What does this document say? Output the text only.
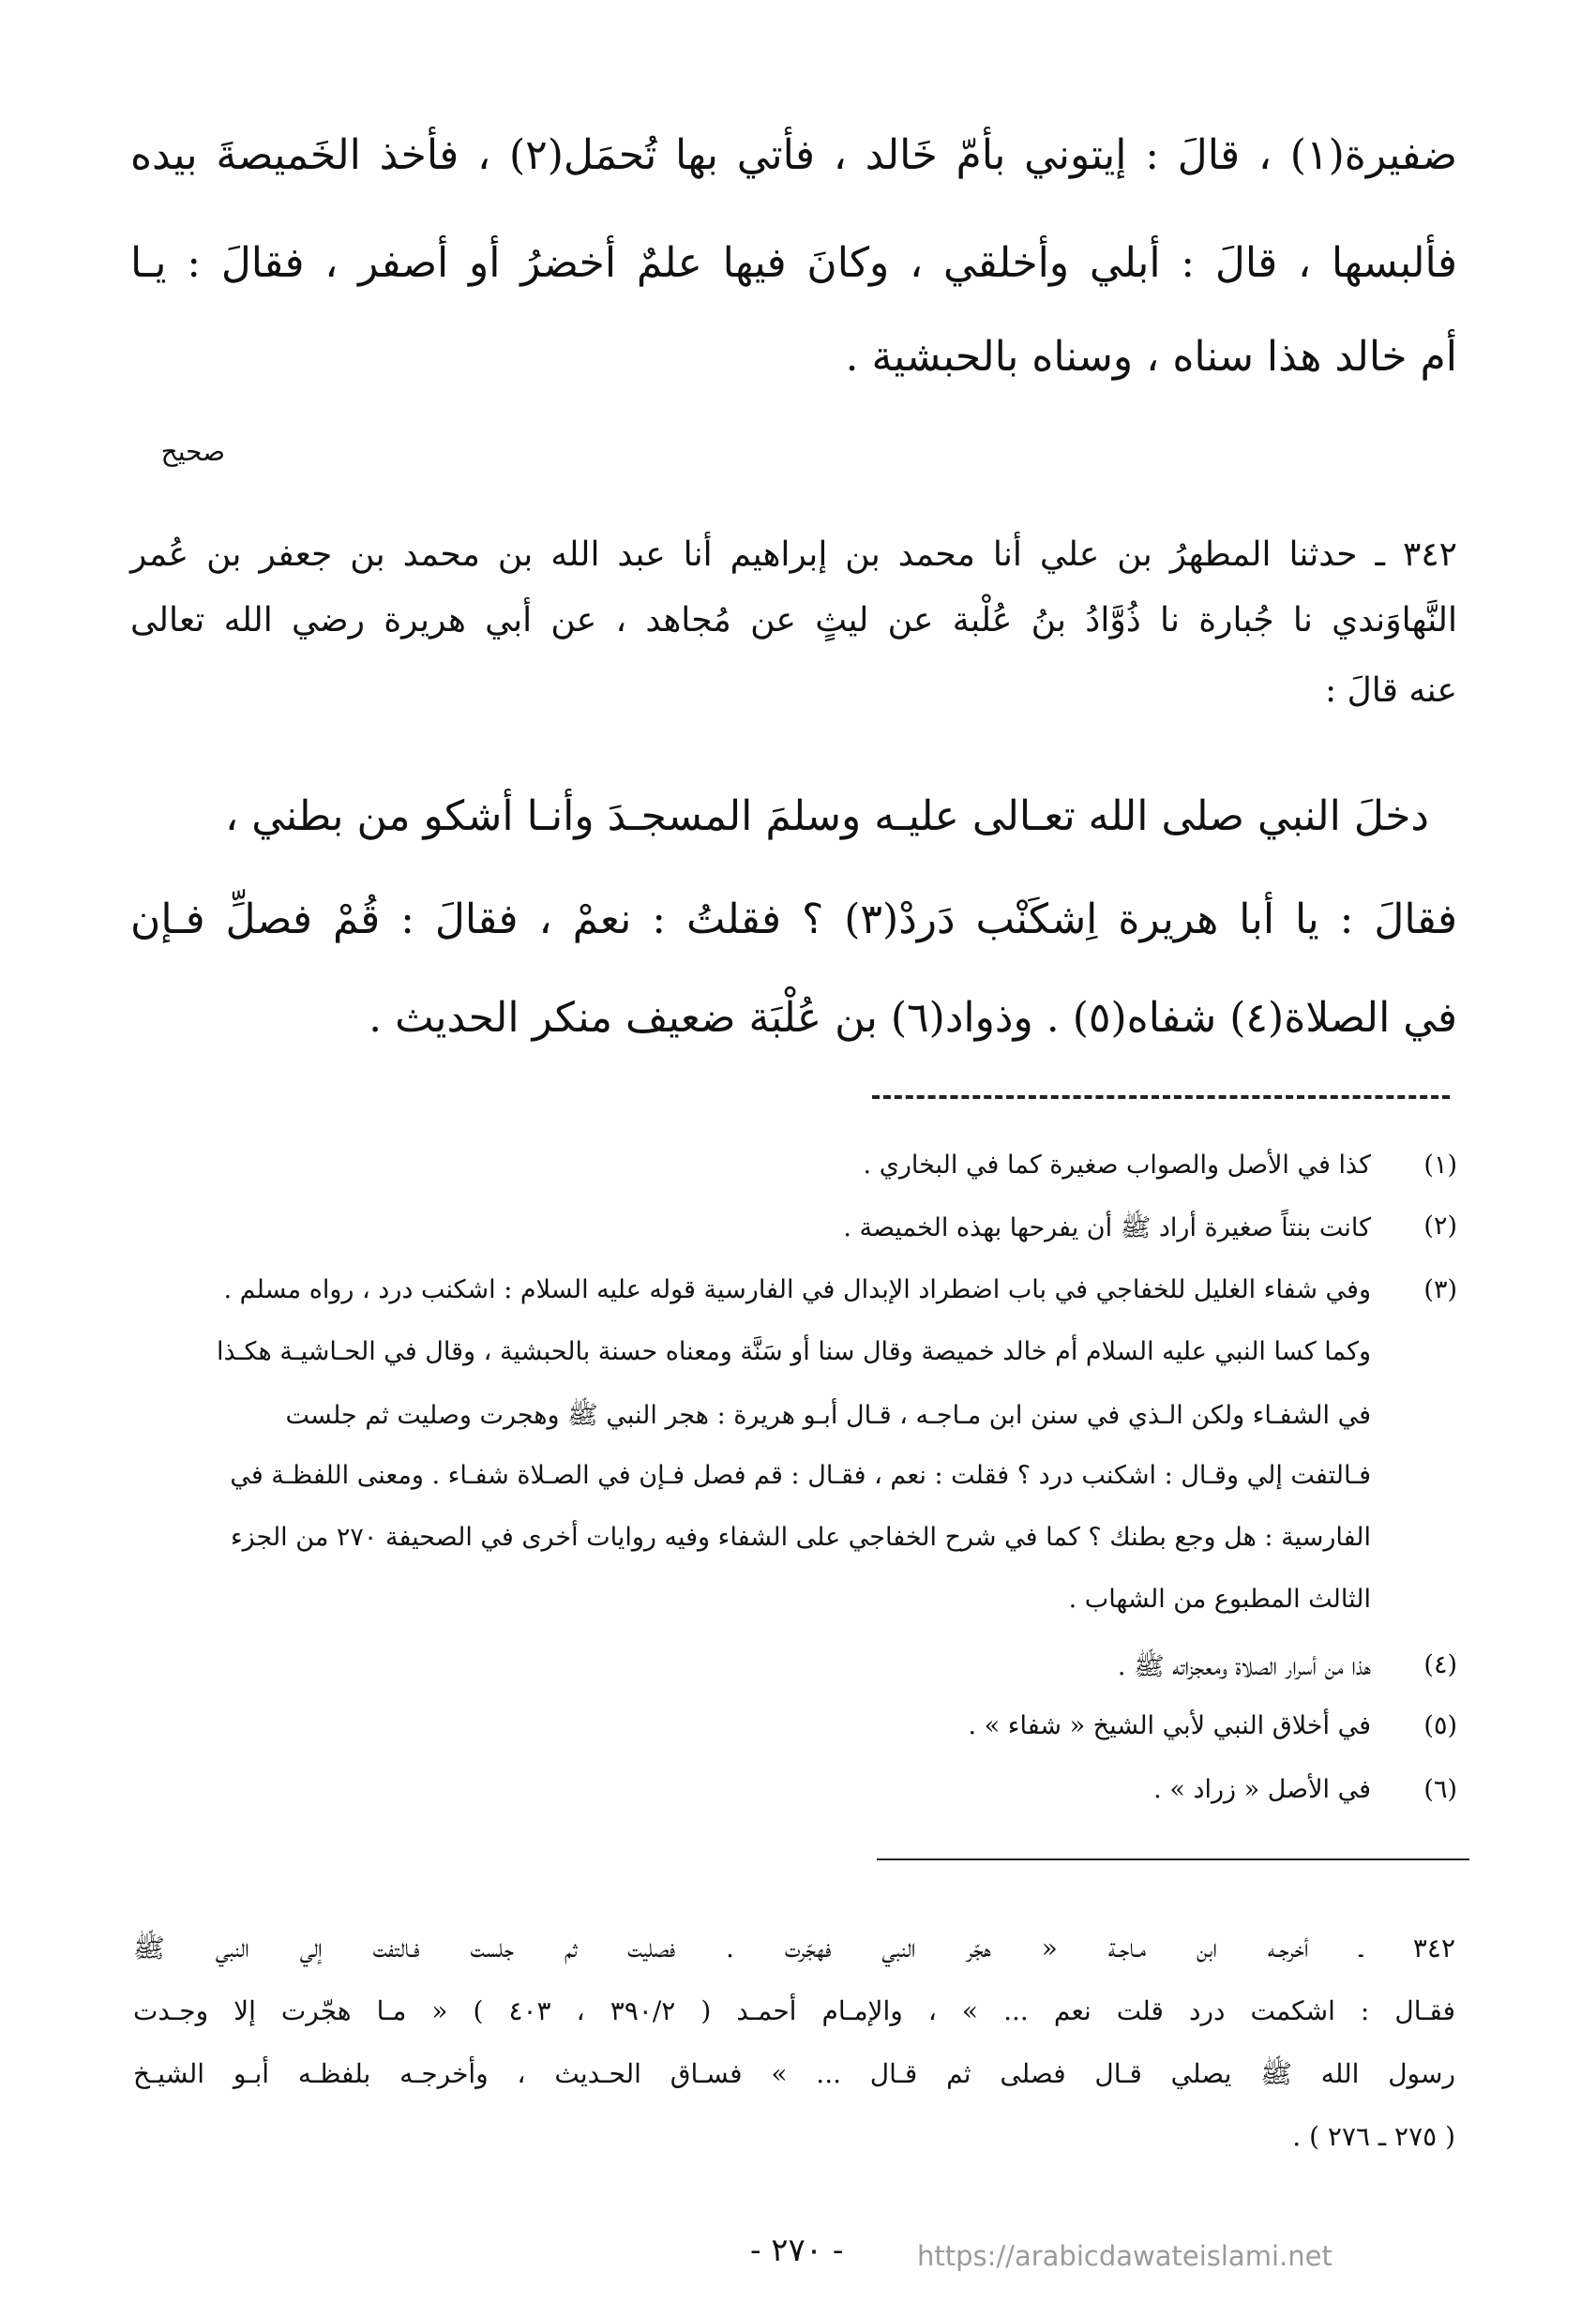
ضفيرة(١) ، قالَ : إيتوني بأمّ خَالد ، فأتي بها تُحمَل(٢) ، فأخذ الخَميصةَ بيده
فألبسها ، قالَ : أبلي وأخلقي ، وكانَ فيها علمٌ أخضرُ أو أصفر ، فقالَ : يـا
أم خالد هذا سناه ، وسناه بالحبشية .
صحيح
٣٤٢ ـ حدثنا المطهرُ بن علي أنا محمد بن إبراهيم أنا عبد الله بن محمد بن جعفر بن عُمر
النَّهاوَندي نا جُبارة نا ذُوَّادُ بنُ عُلْبة عن ليثٍ عن مُجاهد ، عن أبي هريرة رضي الله تعالى
عنه قالَ :
دخلَ النبي صلى الله تعـالى عليـه وسلمَ المسجـدَ وأنـا أشكو من بطني ،
فقالَ : يا أبا هريرة اِشكَنْب دَردْ(٣) ؟ فقلتُ : نعمْ ، فقالَ : قُمْ فصلِّ فـإن
في الصلاة(٤) شفاه(٥) . وذواد(٦) بن عُلْبَة ضعيف منكر الحديث .
(١)
كذا في الأصل والصواب صغيرة كما في البخاري .
(٢)
كانت بنتاً صغيرة أراد ﷺ أن يفرحها بهذه الخميصة .
(٣)
وفي شفاء الغليل للخفاجي في باب اضطراد الإبدال في الفارسية قوله عليه السلام : اشكنب درد ، رواه مسلم .
وكما كسا النبي عليه السلام أم خالد خميصة وقال سنا أو سَنَّة ومعناه حسنة بالحبشية ، وقال في الحـاشيـة هكـذا
في الشفـاء ولكن الـذي في سنن ابن مـاجـه ، قـال أبـو هريرة : هجر النبي ﷺ وهجرت وصليت ثم جلست
فـالتفت إلي وقـال : اشكنب درد ؟ فقلت : نعم ، فقـال : قم فصل فـإن في الصـلاة شفـاء . ومعنى اللفظـة في
الفارسية : هل وجع بطنك ؟ كما في شرح الخفاجي على الشفاء وفيه روايات أخرى في الصحيفة ٢٧٠ من الجزء
الثالث المطبوع من الشهاب .
(٤)
هذا من أسرار الصلاة ومعجزاته ﷺ .
(٥)
في أخلاق النبي لأبي الشيخ « شفاء » .
(٦)
في الأصل « زراد » .
٣٤٢ ـ أخرجـه ابن مـاجـة « هجّر النبي فهجّرت . فصليت ثم جلست فـالتفت إلي النبي ﷺ
فقـال : اشكمت درد قلت نعم ... » ، والإمـام أحمـد ( ٣٩٠/٢ ، ٤٠٣ ) « مـا هجّرت إلا وجـدت
رسول الله ﷺ يصلي قـال فصلى ثم قـال ... » فسـاق الحـديث ، وأخرجـه بلفظـه أبـو الشيـخ
( ٢٧٥ ـ ٢٧٦ ) .
- ٢٧٠ -	https://arabicdawateislami.net
